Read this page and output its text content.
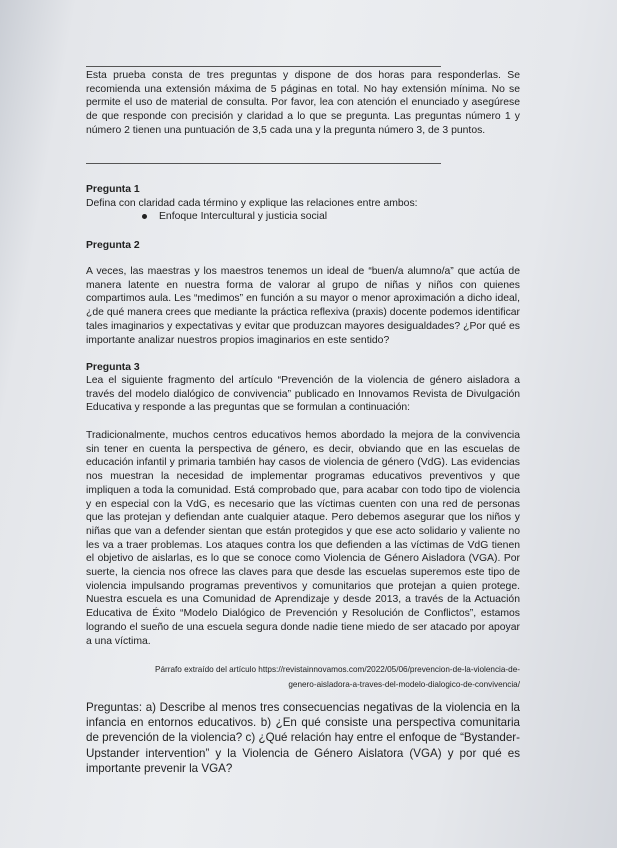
Esta prueba consta de tres preguntas y dispone de dos horas para responderlas. Se recomienda una extensión máxima de 5 páginas en total. No hay extensión mínima. No se permite el uso de material de consulta. Por favor, lea con atención el enunciado y asegúrese de que responde con precisión y claridad a lo que se pregunta. Las preguntas número 1 y número 2 tienen una puntuación de 3,5 cada una y la pregunta número 3, de 3 puntos.
Pregunta 1
Defina con claridad cada término y explique las relaciones entre ambos:
Enfoque Intercultural y justicia social
Pregunta 2
A veces, las maestras y los maestros tenemos un ideal de “buen/a alumno/a” que actúa de manera latente en nuestra forma de valorar al grupo de niñas y niños con quienes compartimos aula. Les “medimos” en función a su mayor o menor aproximación a dicho ideal, ¿de qué manera crees que mediante la práctica reflexiva (praxis) docente podemos identificar tales imaginarios y expectativas y evitar que produzcan mayores desigualdades? ¿Por qué es importante analizar nuestros propios imaginarios en este sentido?
Pregunta 3
Lea el siguiente fragmento del artículo “Prevención de la violencia de género aisladora a través del modelo dialógico de convivencia” publicado en Innovamos Revista de Divulgación Educativa y responde a las preguntas que se formulan a continuación:
Tradicionalmente, muchos centros educativos hemos abordado la mejora de la convivencia sin tener en cuenta la perspectiva de género, es decir, obviando que en las escuelas de educación infantil y primaria también hay casos de violencia de género (VdG). Las evidencias nos muestran la necesidad de implementar programas educativos preventivos y que impliquen a toda la comunidad. Está comprobado que, para acabar con todo tipo de violencia y en especial con la VdG, es necesario que las víctimas cuenten con una red de personas que las protejan y defiendan ante cualquier ataque. Pero debemos asegurar que los niños y niñas que van a defender sientan que están protegidos y que ese acto solidario y valiente no les va a traer problemas. Los ataques contra los que defienden a las víctimas de VdG tienen el objetivo de aislarlas, es lo que se conoce como Violencia de Género Aisladora (VGA). Por suerte, la ciencia nos ofrece las claves para que desde las escuelas superemos este tipo de violencia impulsando programas preventivos y comunitarios que protejan a quien protege. Nuestra escuela es una Comunidad de Aprendizaje y desde 2013, a través de la Actuación Educativa de Éxito “Modelo Dialógico de Prevención y Resolución de Conflictos”, estamos logrando el sueño de una escuela segura donde nadie tiene miedo de ser atacado por apoyar a una víctima.
Párrafo extraído del artículo https://revistainnovamos.com/2022/05/06/prevencion-de-la-violencia-de-
genero-aisladora-a-traves-del-modelo-dialogico-de-convivencia/
Preguntas: a) Describe al menos tres consecuencias negativas de la violencia en la infancia en entornos educativos. b) ¿En qué consiste una perspectiva comunitaria de prevención de la violencia? c) ¿Qué relación hay entre el enfoque de “Bystander-Upstander intervention” y la Violencia de Género Aislatora (VGA) y por qué es importante prevenir la VGA?
